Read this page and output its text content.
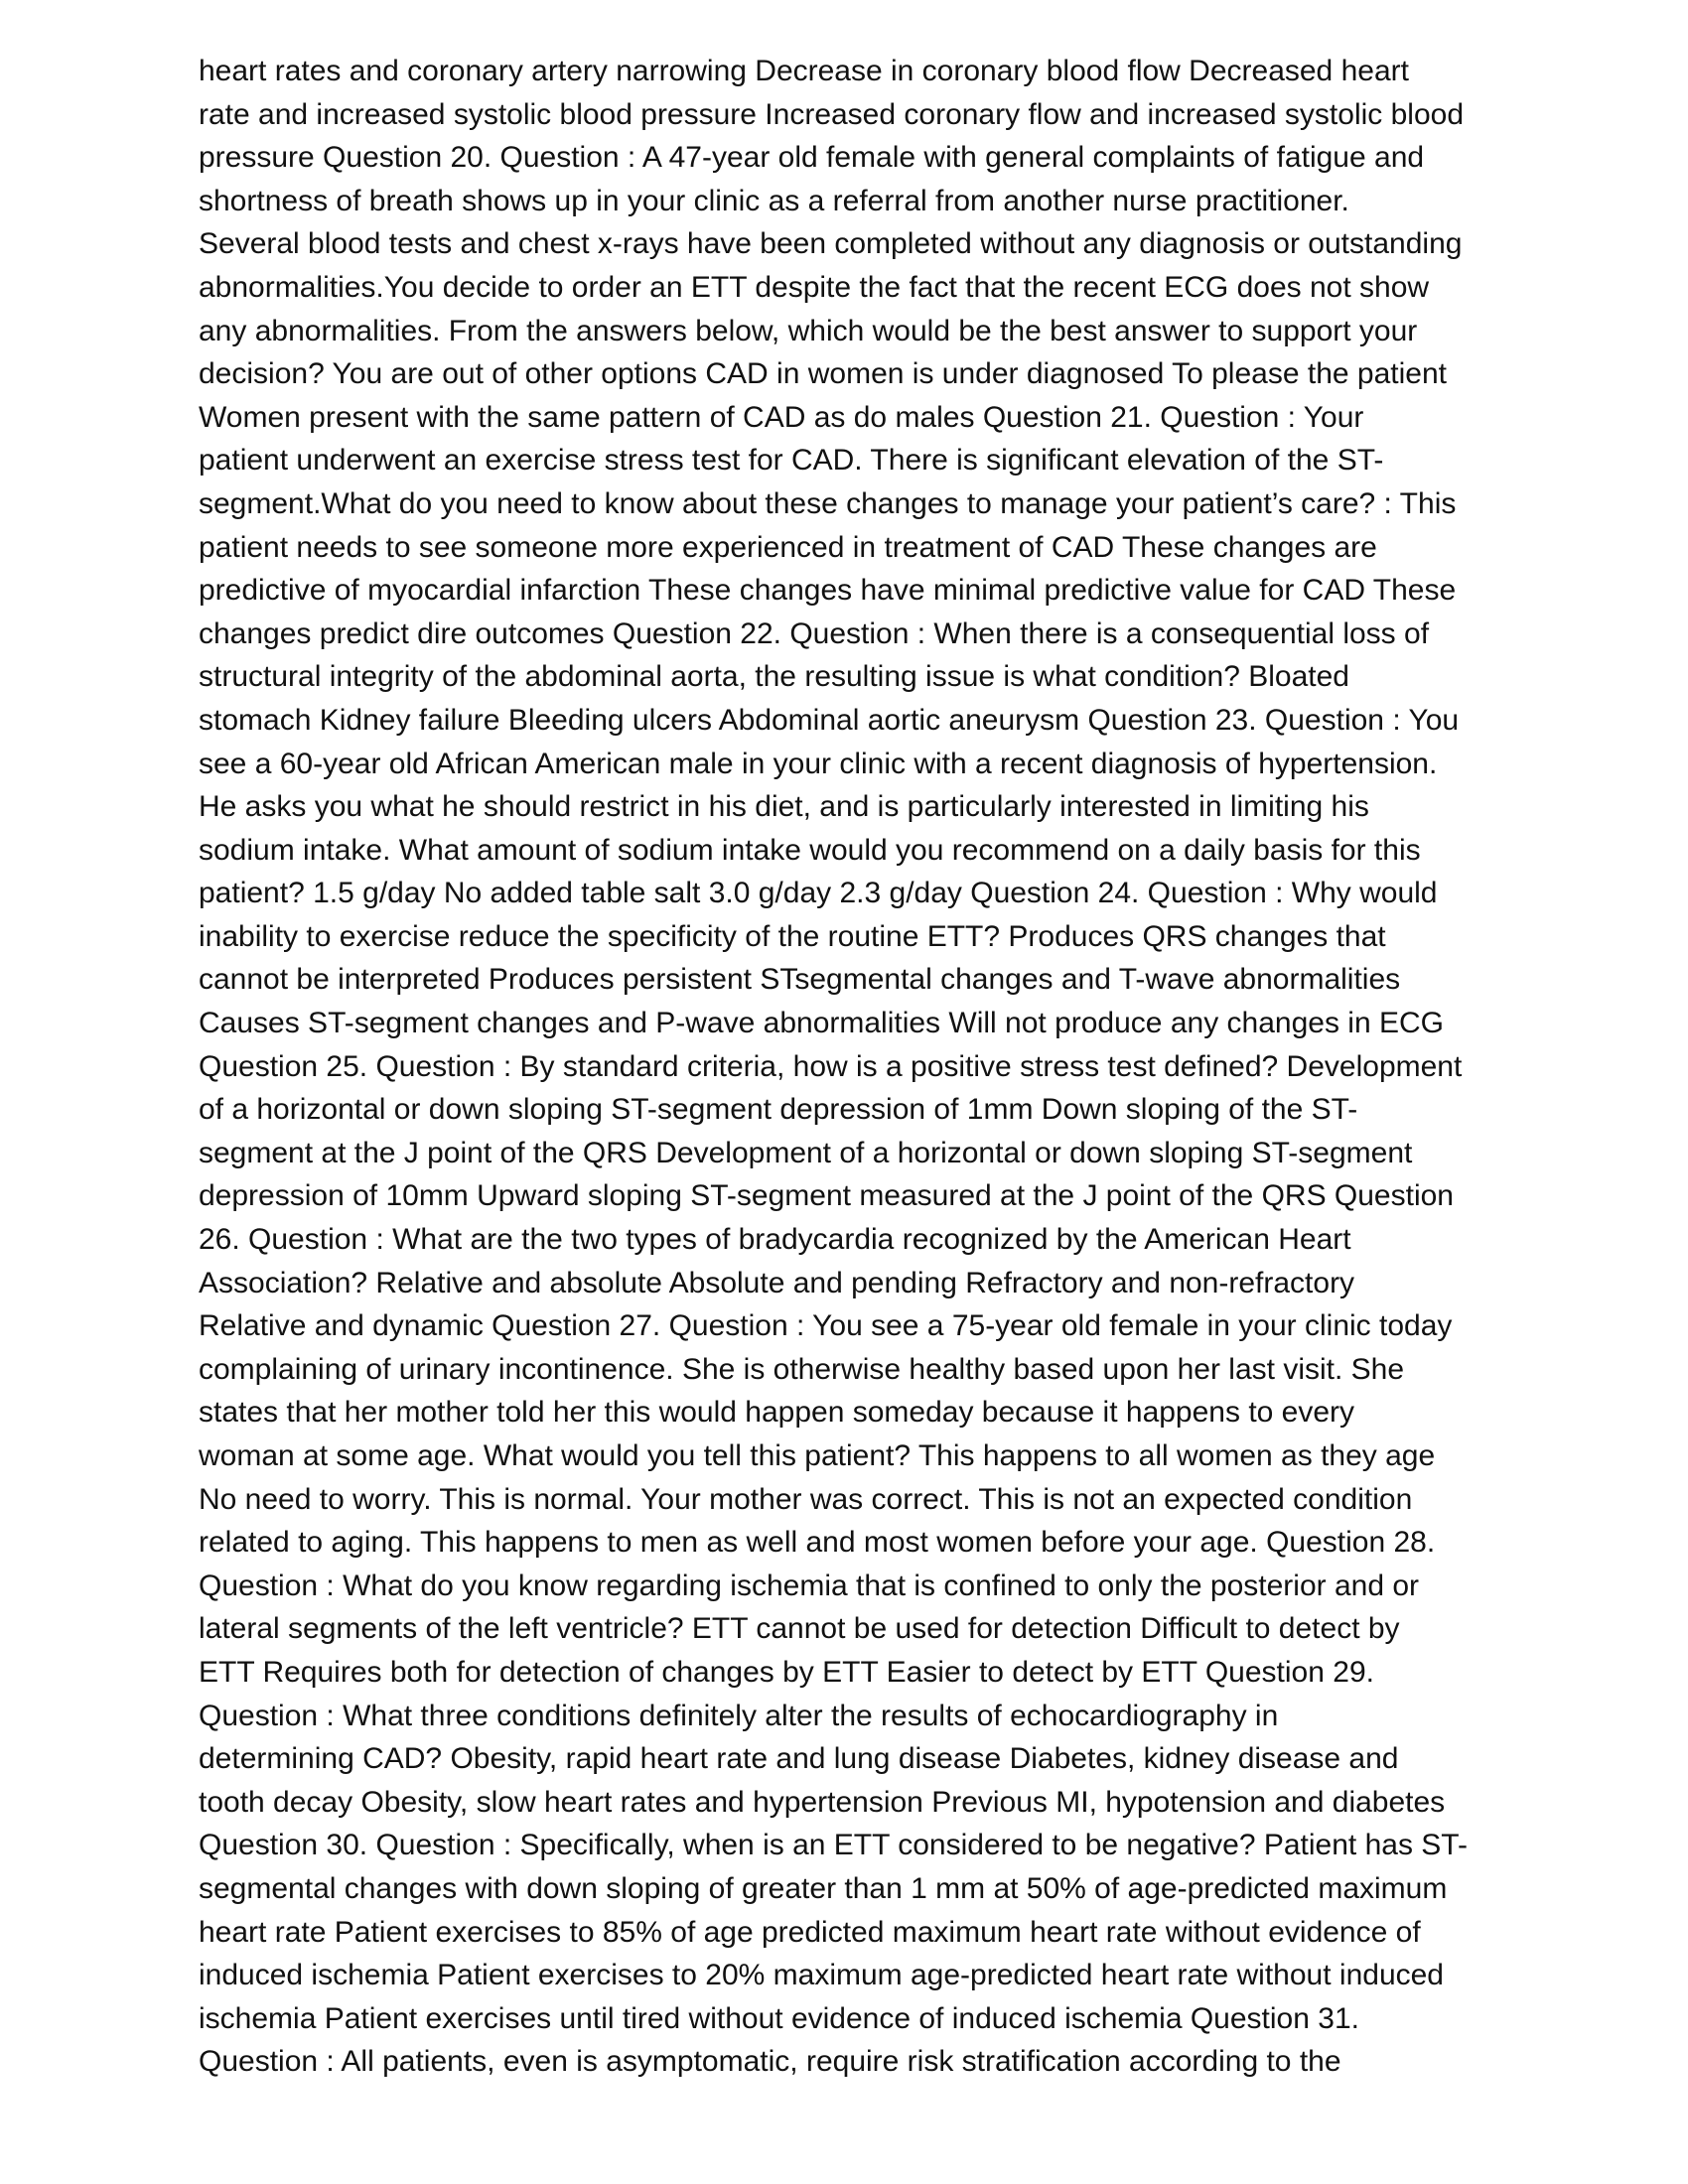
heart rates and coronary artery narrowing Decrease in coronary blood flow Decreased heart
rate and increased systolic blood pressure Increased coronary flow and increased systolic blood
pressure Question 20. Question : A 47-year old female with general complaints of fatigue and
shortness of breath shows up in your clinic as a referral from another nurse practitioner.
Several blood tests and chest x-rays have been completed without any diagnosis or outstanding
abnormalities.You decide to order an ETT despite the fact that the recent ECG does not show
any abnormalities. From the answers below, which would be the best answer to support your
decision? You are out of other options CAD in women is under diagnosed To please the patient
Women present with the same pattern of CAD as do males Question 21. Question : Your
patient underwent an exercise stress test for CAD. There is significant elevation of the ST-
segment.What do you need to know about these changes to manage your patient’s care? : This
patient needs to see someone more experienced in treatment of CAD These changes are
predictive of myocardial infarction These changes have minimal predictive value for CAD These
changes predict dire outcomes Question 22. Question : When there is a consequential loss of
structural integrity of the abdominal aorta, the resulting issue is what condition? Bloated
stomach Kidney failure Bleeding ulcers Abdominal aortic aneurysm Question 23. Question : You
see a 60-year old African American male in your clinic with a recent diagnosis of hypertension.
He asks you what he should restrict in his diet, and is particularly interested in limiting his
sodium intake. What amount of sodium intake would you recommend on a daily basis for this
patient? 1.5 g/day No added table salt 3.0 g/day 2.3 g/day Question 24. Question : Why would
inability to exercise reduce the specificity of the routine ETT? Produces QRS changes that
cannot be interpreted Produces persistent STsegmental changes and T-wave abnormalities
Causes ST-segment changes and P-wave abnormalities Will not produce any changes in ECG
Question 25. Question : By standard criteria, how is a positive stress test defined? Development
of a horizontal or down sloping ST-segment depression of 1mm Down sloping of the ST-
segment at the J point of the QRS Development of a horizontal or down sloping ST-segment
depression of 10mm Upward sloping ST-segment measured at the J point of the QRS Question
26. Question : What are the two types of bradycardia recognized by the American Heart
Association? Relative and absolute Absolute and pending Refractory and non-refractory
Relative and dynamic Question 27. Question : You see a 75-year old female in your clinic today
complaining of urinary incontinence. She is otherwise healthy based upon her last visit. She
states that her mother told her this would happen someday because it happens to every
woman at some age. What would you tell this patient? This happens to all women as they age
No need to worry. This is normal. Your mother was correct. This is not an expected condition
related to aging. This happens to men as well and most women before your age. Question 28.
Question : What do you know regarding ischemia that is confined to only the posterior and or
lateral segments of the left ventricle? ETT cannot be used for detection Difficult to detect by
ETT Requires both for detection of changes by ETT Easier to detect by ETT Question 29.
Question : What three conditions definitely alter the results of echocardiography in
determining CAD? Obesity, rapid heart rate and lung disease Diabetes, kidney disease and
tooth decay Obesity, slow heart rates and hypertension Previous MI, hypotension and diabetes
Question 30. Question : Specifically, when is an ETT considered to be negative? Patient has ST-
segmental changes with down sloping of greater than 1 mm at 50% of age-predicted maximum
heart rate Patient exercises to 85% of age predicted maximum heart rate without evidence of
induced ischemia Patient exercises to 20% maximum age-predicted heart rate without induced
ischemia Patient exercises until tired without evidence of induced ischemia Question 31.
Question : All patients, even is asymptomatic, require risk stratification according to the
